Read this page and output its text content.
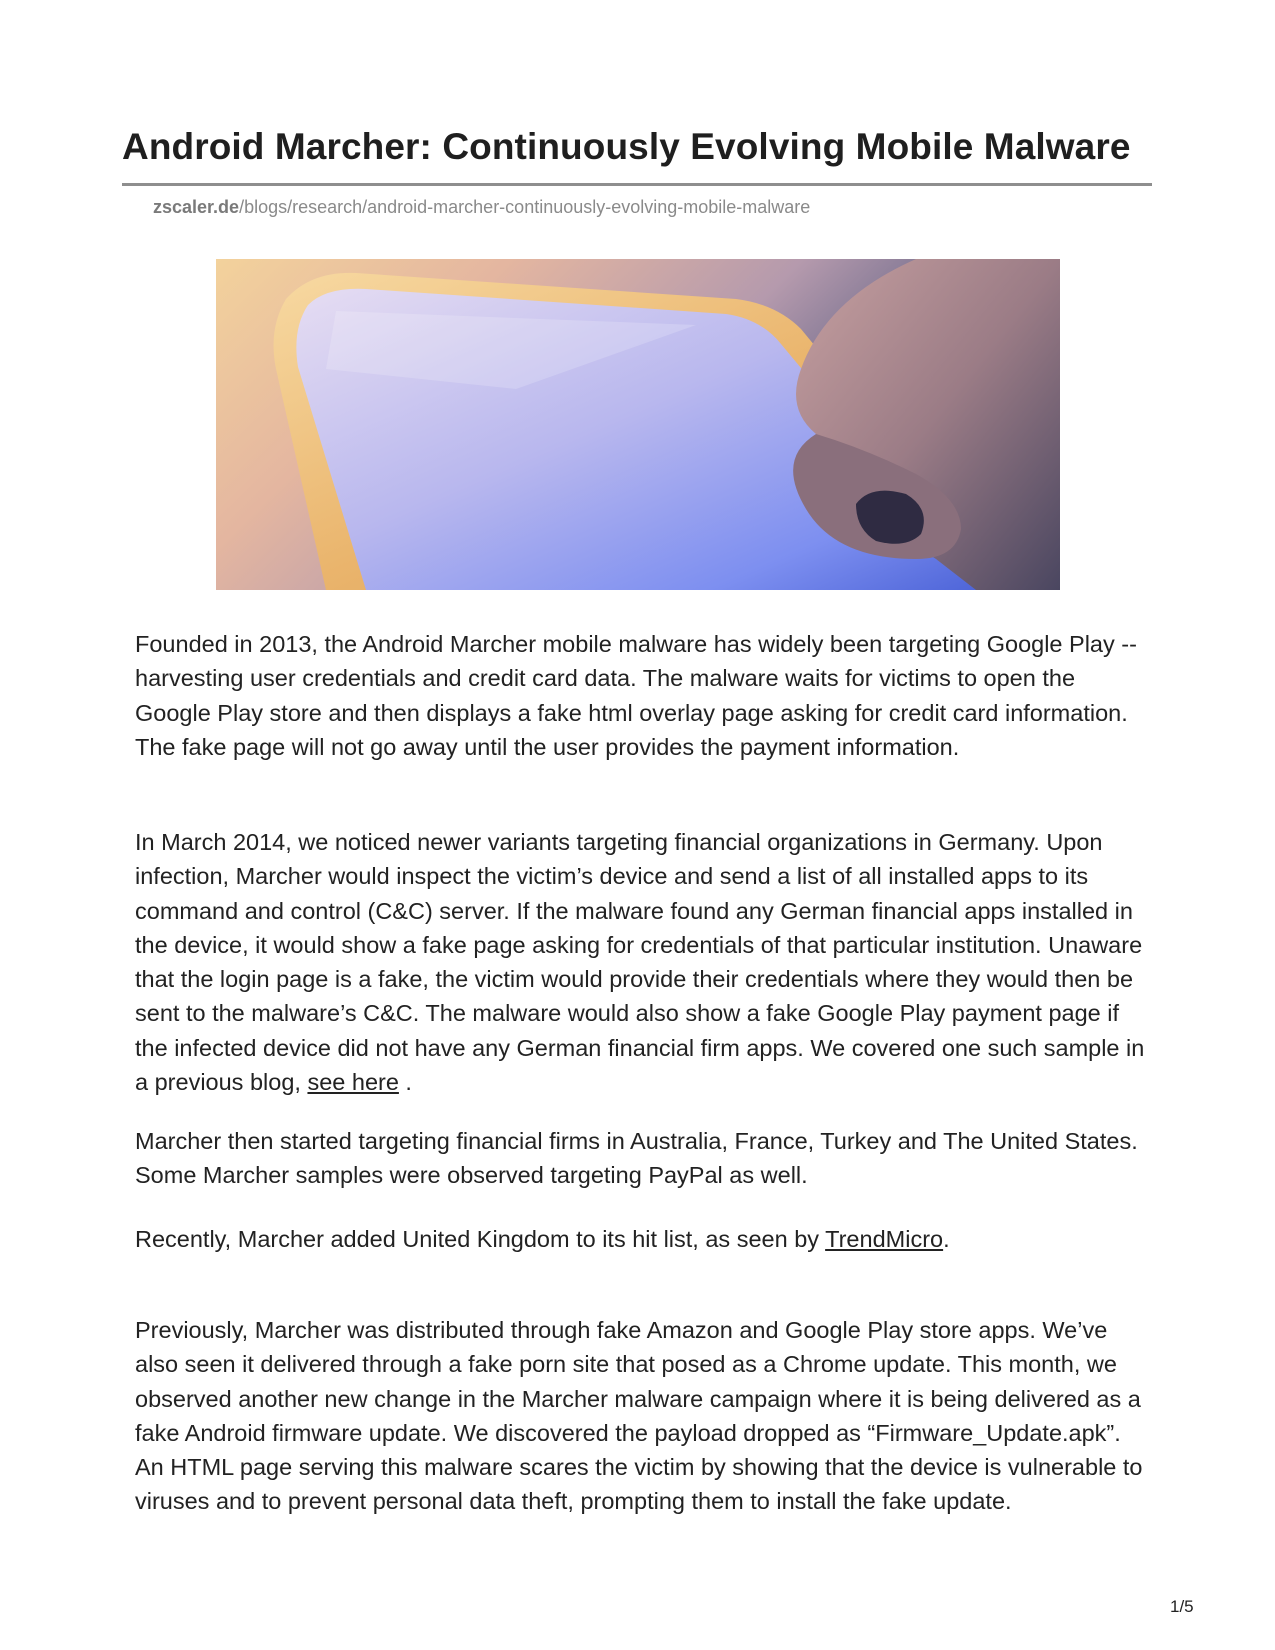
Android Marcher: Continuously Evolving Mobile Malware
zscaler.de/blogs/research/android-marcher-continuously-evolving-mobile-malware

Founded in 2013, the Android Marcher mobile malware has widely been targeting Google Play -- harvesting user credentials and credit card data. The malware waits for victims to open the Google Play store and then displays a fake html overlay page asking for credit card information. The fake page will not go away until the user provides the payment information.

In March 2014, we noticed newer variants targeting financial organizations in Germany. Upon infection, Marcher would inspect the victim’s device and send a list of all installed apps to its command and control (C&C) server. If the malware found any German financial apps installed in the device, it would show a fake page asking for credentials of that particular institution. Unaware that the login page is a fake, the victim would provide their credentials where they would then be sent to the malware’s C&C. The malware would also show a fake Google Play payment page if the infected device did not have any German financial firm apps. We covered one such sample in a previous blog, see here .

Marcher then started targeting financial firms in Australia, France, Turkey and The United States. Some Marcher samples were observed targeting PayPal as well.

Recently, Marcher added United Kingdom to its hit list, as seen by TrendMicro.

Previously, Marcher was distributed through fake Amazon and Google Play store apps. We’ve also seen it delivered through a fake porn site that posed as a Chrome update. This month, we observed another new change in the Marcher malware campaign where it is being delivered as a fake Android firmware update. We discovered the payload dropped as “Firmware_Update.apk”. An HTML page serving this malware scares the victim by showing that the device is vulnerable to viruses and to prevent personal data theft, prompting them to install the fake update.

1/5
